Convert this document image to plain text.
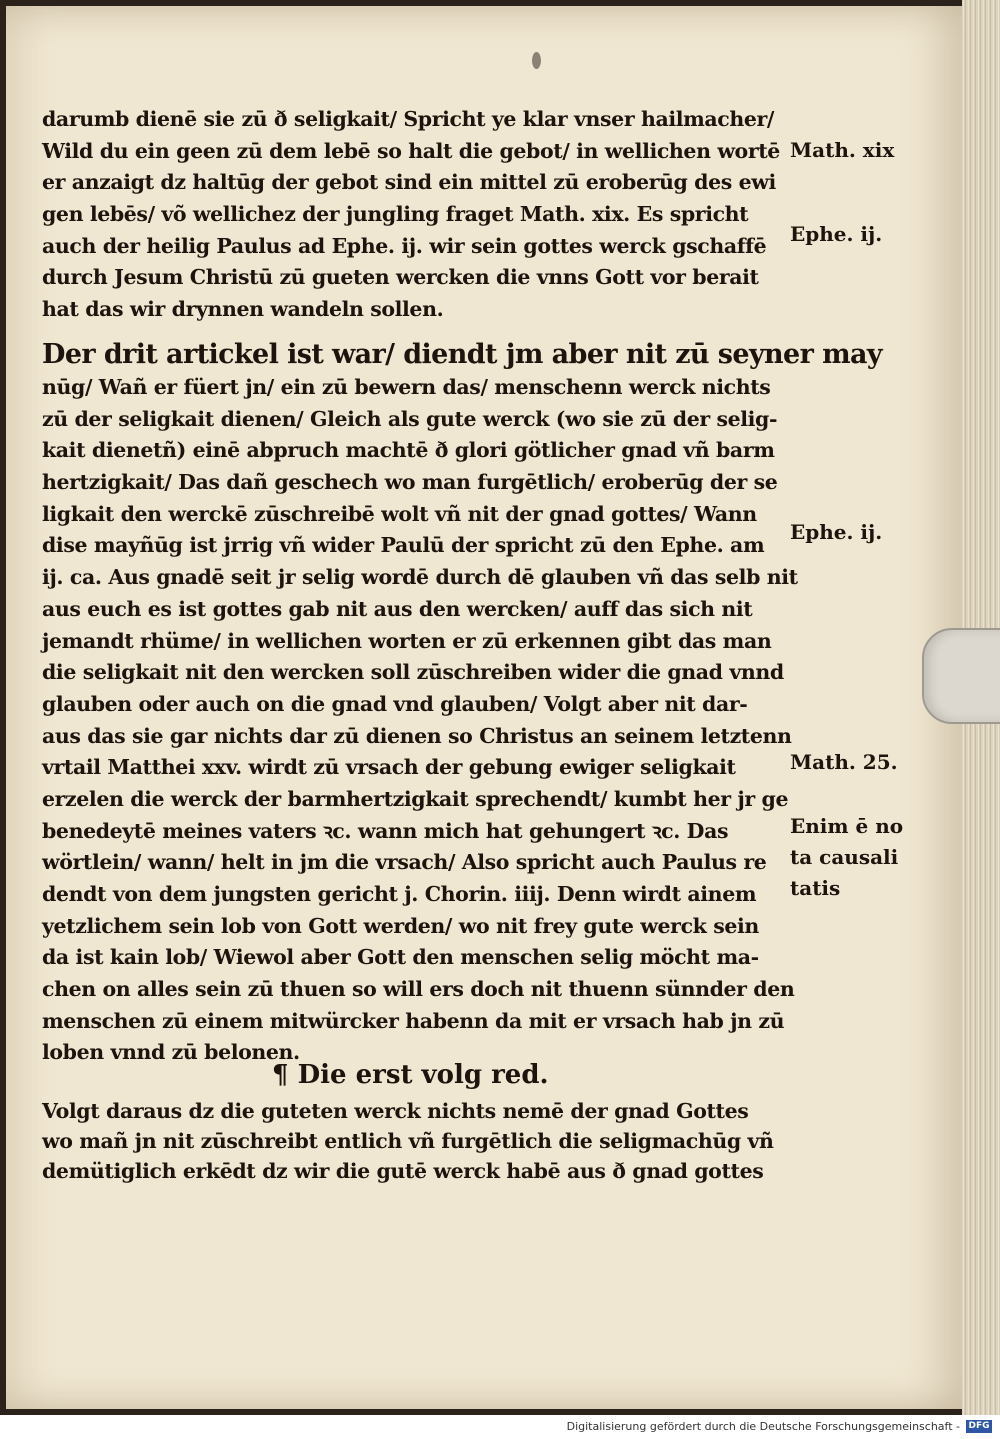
darumb dienē sie zū ð seligkait/ Spricht ye klar vnser hailmacher/
Wild du ein geen zū dem lebē so halt die gebot/ in wellichen wortē
er anzaigt dz haltūg der gebot sind ein mittel zū eroberūg des ewi
gen lebēs/ võ wellichez der jungling fraget Math. xix. Es spricht
auch der heilig Paulus ad Ephe. ij. wir sein gottes werck gschaffē
durch Jesum Christū zū gueten wercken die vnns Gott vor berait
hat das wir drynnen wandeln sollen.
Der drit artickel ist war/ diendt jm aber nit zū seyner may
nūg/ Wañ er füert jn/ ein zū bewern das/ menschenn werck nichts
zū der seligkait dienen/ Gleich als gute werck (wo sie zū der selig-
kait dienetñ) einē abpruch machtē ð glori götlicher gnad vñ barm
hertzigkait/ Das dañ geschech wo man furgētlich/ eroberūg der se
ligkait den werckē zūschreibē wolt vñ nit der gnad gottes/ Wann
dise mayñūg ist jrrig vñ wider Paulū der spricht zū den Ephe. am
ij. ca. Aus gnadē seit jr selig wordē durch dē glauben vñ das selb nit
aus euch es ist gottes gab nit aus den wercken/ auff das sich nit
jemandt rhüme/ in wellichen worten er zū erkennen gibt das man
die seligkait nit den wercken soll zūschreiben wider die gnad vnnd
glauben oder auch on die gnad vnd glauben/ Volgt aber nit dar-
aus das sie gar nichts dar zū dienen so Christus an seinem letztenn
vrtail Matthei xxv. wirdt zū vrsach der gebung ewiger seligkait
erzelen die werck der barmhertzigkait sprechendt/ kumbt her jr ge
benedeytē meines vaters ꝛc. wann mich hat gehungert ꝛc. Das
wörtlein/ wann/ helt in jm die vrsach/ Also spricht auch Paulus re
dendt von dem jungsten gericht j. Chorin. iiij. Denn wirdt ainem
yetzlichem sein lob von Gott werden/ wo nit frey gute werck sein
da ist kain lob/ Wiewol aber Gott den menschen selig möcht ma-
chen on alles sein zū thuen so will ers doch nit thuenn sünnder den
menschen zū einem mitwürcker habenn da mit er vrsach hab jn zū
loben vnnd zū belonen.
Volgt daraus dz die guteten werck nichts nemē der gnad Gottes
wo mañ jn nit zūschreibt entlich vñ furgētlich die seligmachūg vñ
demütiglich erkēdt dz wir die gutē werck habē aus ð gnad gottes
¶ Die erst volg red.
Math. xix
Ephe. ij.
Ephe. ij.
Math. 25.
Enim ē no
ta causali
tatis
Digitalisierung gefördert durch die Deutsche Forschungsgemeinschaft - DFG
